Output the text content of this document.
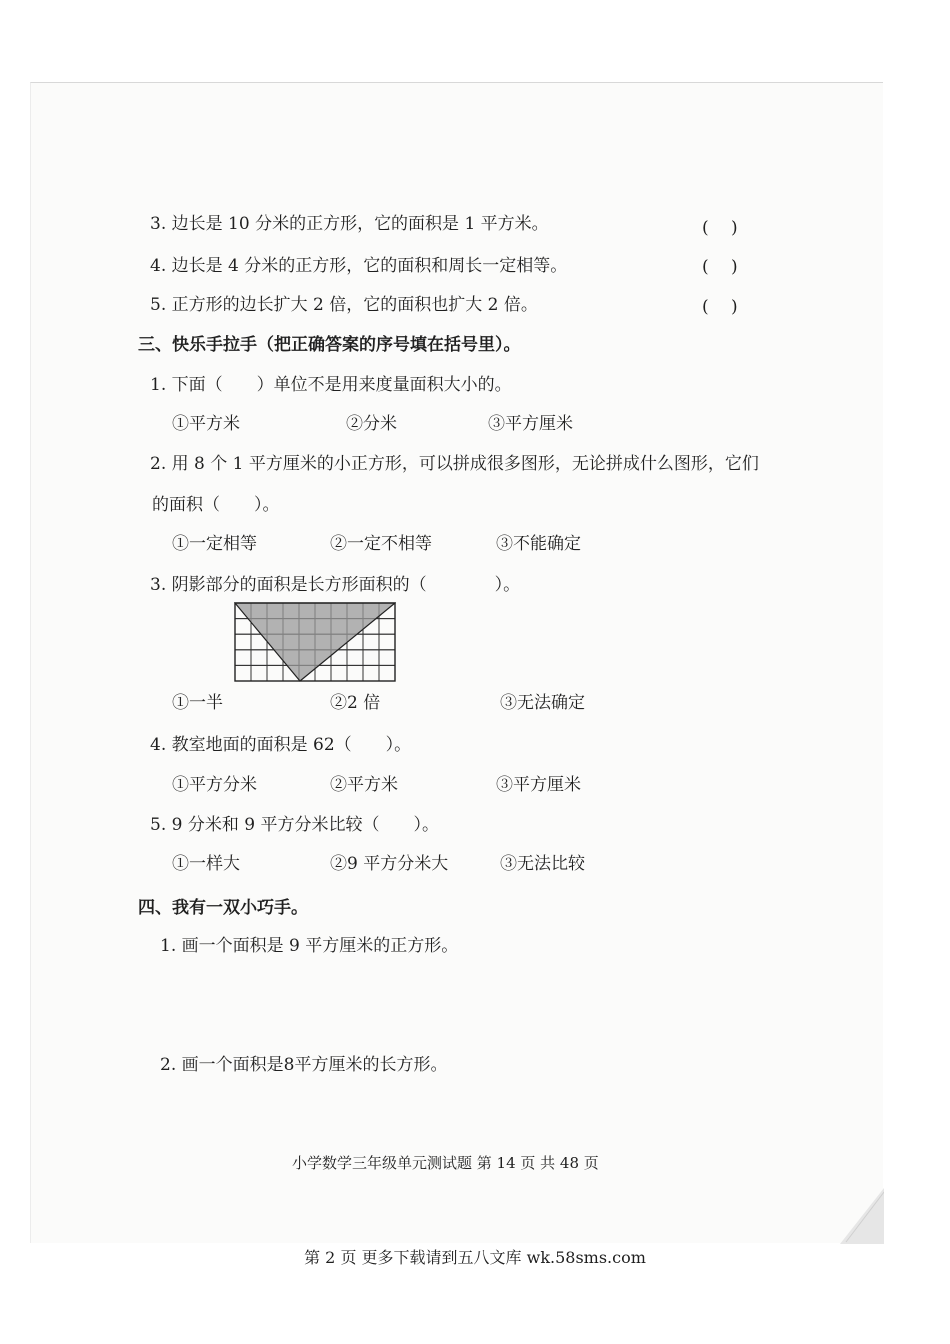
3. 边长是 10 分米的正方形，它的面积是 1 平方米。	(　 )
4. 边长是 4 分米的正方形，它的面积和周长一定相等。	(　 )
5. 正方形的边长扩大 2 倍，它的面积也扩大 2 倍。	(　 )
三、快乐手拉手（把正确答案的序号填在括号里）。
1. 下面（　　）单位不是用来度量面积大小的。
①平方米	②分米	③平方厘米
2. 用 8 个 1 平方厘米的小正方形，可以拼成很多图形，无论拼成什么图形，它们
的面积（　　）。
①一定相等	②一定不相等	③不能确定
3. 阴影部分的面积是长方形面积的（　　　　）。
①一半	②2 倍	③无法确定
4. 教室地面的面积是 62（　　）。
①平方分米	②平方米	③平方厘米
5. 9 分米和 9 平方分米比较（　　）。
①一样大	②9 平方分米大	③无法比较
四、我有一双小巧手。
1. 画一个面积是 9 平方厘米的正方形。
2. 画一个面积是8平方厘米的长方形。
小学数学三年级单元测试题 第 14 页 共 48 页
第 2 页 更多下载请到五八文库 wk.58sms.com
